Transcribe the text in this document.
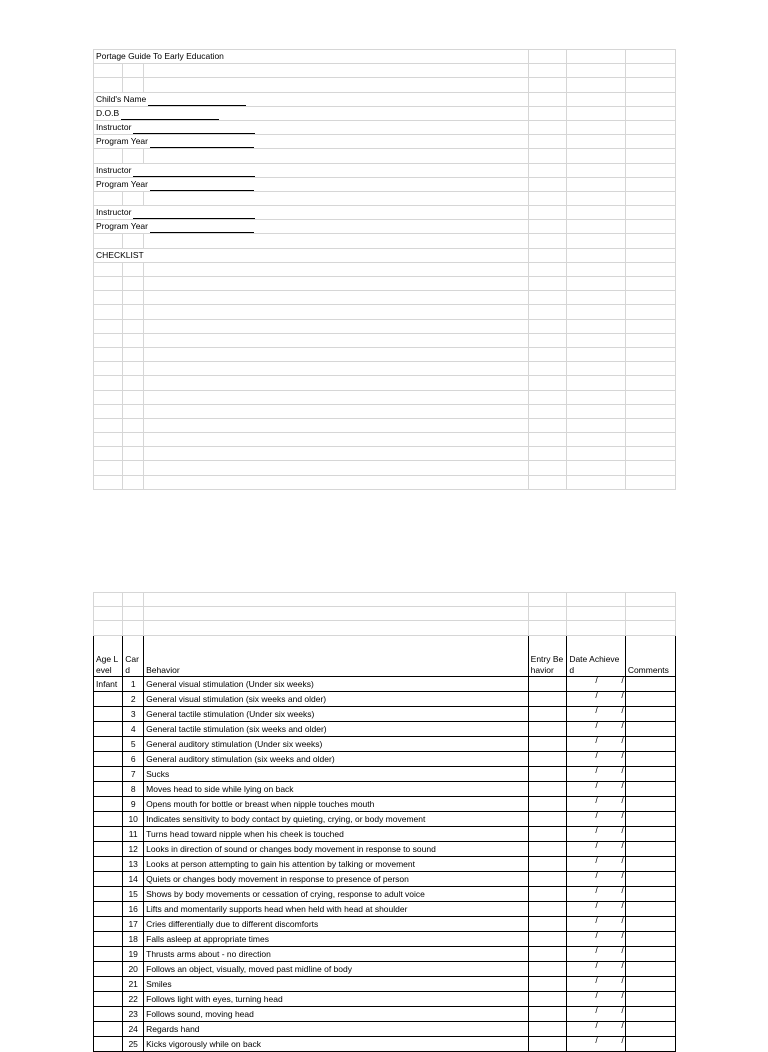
Portage Guide To Early Education					

Child's Name					
D.O.B					
Instructor					
Program Year					

Instructor					
Program Year					

Instructor					
Program Year					

CHECKLIST					

Age Level	Card	Behavior	Entry Behavior	Date Achieved	Comments
Infant	1	General visual stimulation (Under six weeks)		/ /	

	2	General visual stimulation (six weeks and older)		/ /	

	3	General tactile stimulation (Under six weeks)		/ /	

	4	General tactile stimulation (six weeks and older)		/ /	

	5	General auditory stimulation (Under six weeks)		/ /	

	6	General auditory stimulation (six weeks and older)		/ /	

	7	Sucks		/ /	

	8	Moves head to side while lying on back		/ /	

	9	Opens mouth for bottle or breast when nipple touches mouth		/ /	

	10	Indicates sensitivity to body contact by quieting, crying, or body movement		/ /	

	11	Turns head toward nipple when his cheek is touched		/ /	

	12	Looks in direction of sound or changes body movement in response to sound		/ /	

	13	Looks at person attempting to gain his attention by talking or movement		/ /	

	14	Quiets or changes body movement in response to presence of person		/ /	

	15	Shows by body movements or cessation of crying, response to adult voice		/ /	

	16	Lifts and momentarily supports head when held with head at shoulder		/ /	

	17	Cries differentially due to different discomforts		/ /	

	18	Falls asleep at appropriate times		/ /	

	19	Thrusts arms about - no direction		/ /	

	20	Follows an object, visually, moved past midline of body		/ /	

	21	Smiles		/ /	

	22	Follows light with eyes, turning head		/ /	

	23	Follows sound, moving head		/ /	

	24	Regards hand		/ /	

	25	Kicks vigorously while on back		/ /	
